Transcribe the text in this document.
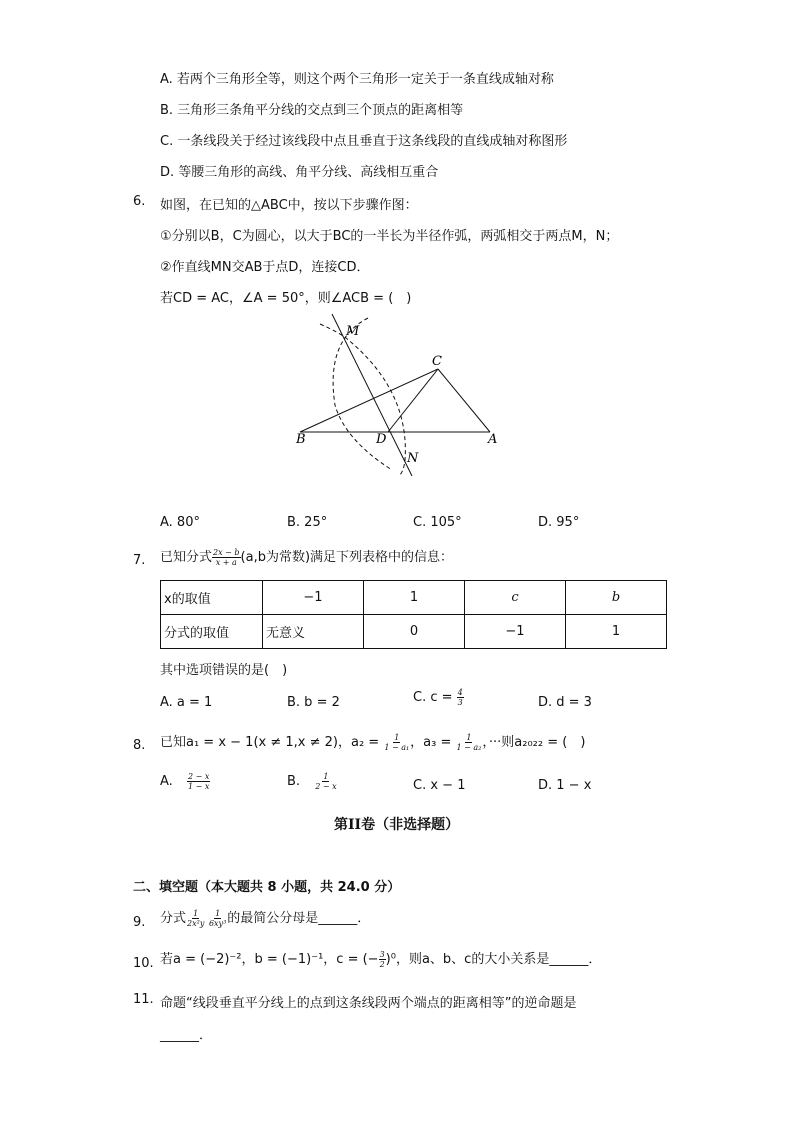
A. 若两个三角形全等，则这个两个三角形一定关于一条直线成轴对称
B. 三角形三条角平分线的交点到三个顶点的距离相等
C. 一条线段关于经过该线段中点且垂直于这条线段的直线成轴对称图形
D. 等腰三角形的高线、角平分线、高线相互重合
6. 如图，在已知的△ABC中，按以下步骤作图：
①分别以B，C为圆心，以大于BC的一半长为半径作弧，两弧相交于两点M，N；
②作直线MN交AB于点D，连接CD．
若CD = AC，∠A = 50°，则∠ACB = (　)
M
C
B	D	A
N
A. 80°	B. 25°	C. 105°	D. 95°
7. 已知分式 $\frac{2x - b}{x + a} (a,b$为常数)满足下列表格中的信息：
x的取值	−1	1	c	b
分式的取值	无意义	0	−1	1
其中选项错误的是(　)
A. a = 1	B. b = 2	C. $c = \frac{4}{3}$	D. d = 3
8. 已知a₁ = x − 1(x ≠ 1,x ≠ 2)，$a_2 = \frac{1}{\text{1 − a₁}}$ ，$a_3 = \frac{1}{\text{1 − a₂}}$ ，···则a₂₀₂₂ = (　)
A. $\frac{2 - x}{1 - x}$	B. $\frac{1}{2 - x}$	C. x − 1	D. 1 − x
第II卷（非选择题）
二、填空题（本大题共 8 小题，共 24.0 分）
9. 分式 $\frac{1}{\text{2x²y}}$
  $\frac{1}{\text{6xy³}}$ 的最简公分母是______．
10. 若a = (−2)⁻²，b = (−1)⁻¹，c = (− $\frac{3}{2} )^0$，则a、b、c的大小关系是______．
11. 命题“线段垂直平分线上的点到这条线段两个端点的距离相等”的逆命题是
______．
